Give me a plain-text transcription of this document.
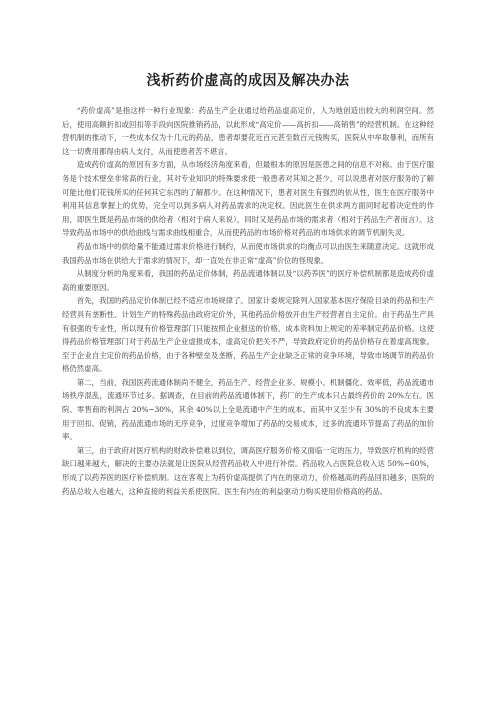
浅析药价虚高的成因及解决办法

“药价虚高”是指这样一种行业现象：药品生产企业通过给药品虚高定价，人为地创造出较大的利润空间。然后，使用高额折扣或回扣等手段向医院推销药品，以此形成“高定价——高折扣——高销售”的经营机制。在这种经营机制的推动下，一些成本仅为十几元的药品，患者却要花近百元甚至数百元钱购买，医院从中牟取暴利，而所有这一切费用都得由病人支付，从而使患者苦不堪言。

造成药价虚高的原因有多方面，从市场经济角度来看，但最根本的原因是医患之间的信息不对称。由于医疗服务是个技术壁垒非常高的行业，其对专业知识的特殊要求使一般患者对其知之甚少，可以说患者对医疗服务的了解可能比他们花钱所买的任何其它东西的了解都少。在这种情况下，患者对医生有强烈的依从性，医生在医疗服务中利用其信息掌握上的优势，完全可以到多病人对药品需求的决定权。因此医生在供求两方面同时起着决定性的作用，即医生既是药品市场的供给者（相对于病人来说），同时又是药品市场的需求者（相对于药品生产者而言）。这导致药品市场中的供给曲线与需求曲线相重合，从而使药品的市场价格对药品的市场供求的调节机制失灵。

药品市场中的供给量不能通过需求价格进行制约，从而使市场供求的均衡点可以由医生来随意决定。这就形成我国药品市场在供给大于需求的情况下，却一直处在非正常“虚高”价位的怪现象。

从制度分析的角度来看，我国的药品定价体制，药品流通体制以及“以药养医”的医疗补偿机制都是造成药价虚高的重要原因。

首先，我国的药品定价体制已经不适应市场规律了。国家计委规定除列入国家基本医疗保险目录的药品和生产经营具有垄断性、计划生产的特殊药品由政府定价外，其他药品价格放开由生产经营者自主定价。由于药品生产具有很强的专业性，所以现有价格管理部门只能按照企业报送的价格、成本资料加上规定的差率制定药品价格。这使得药品价格管理部门对于药品生产企业虚报成本，虚高定价把关不严，导致政府定价的药品价格存在着虚高现象。至于企业自主定价的药品价格，由于各种壁垒及垄断，药品生产企业缺乏正常的竞争环境，导致市场调节的药品价格仍然虚高。

第二，当前，我国医药流通体制尚不健全，药品生产、经营企业多、规模小、机制僵化、效率低，药品流通市场秩序混乱，流通环节过多。据调查，在目前的药品流通体制下，药厂的生产成本只占最终药价的 20%左右。医院、零售商的利润占 20%~30%，其余 40%以上全是流通中产生的成本。而其中又至少有 30%的不良成本主要用于回扣、促销，药品流通市场的无序竞争，过度竞争增加了药品的交易成本，过多的流通环节提高了药品的加价率。

第三，由于政府对医疗机构的财政补偿难以到位，调高医疗服务价格又面临一定的压力，导致医疗机构的经营缺口越来越大，解决的主要办法就是让医院从经营药品收入中进行补偿。药品收入占医院总收入达 50%~60%，形成了以药养医的医疗补偿机制。这在客观上为药价虚高提供了内在的驱动力，价格越高的药品回扣越多，医院的药品总收入也越大，这种直接的利益关系使医院、医生有内在的利益驱动力购买使用价格高的药品。
